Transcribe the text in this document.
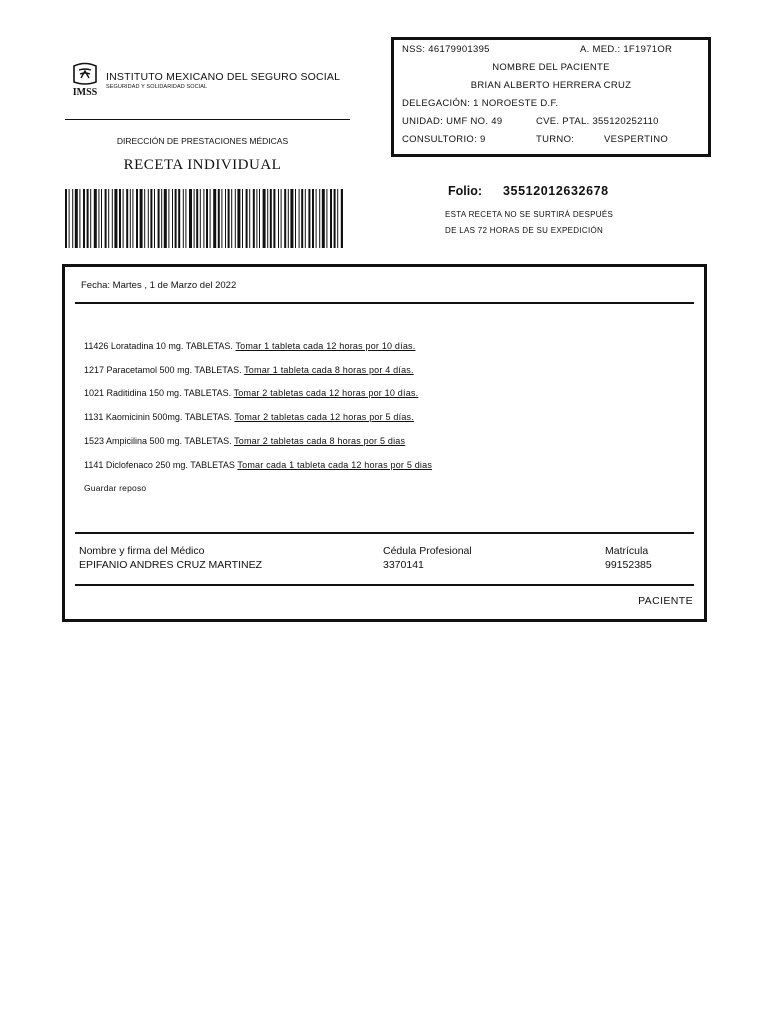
IMSS
INSTITUTO MEXICANO DEL SEGURO SOCIAL
SEGURIDAD Y SOLIDARIDAD SOCIAL
DIRECCIÓN DE PRESTACIONES MÉDICAS
RECETA INDIVIDUAL
NSS: 46179901395	A. MED.: 1F1971OR
NOMBRE DEL PACIENTE
BRIAN ALBERTO HERRERA CRUZ
DELEGACIÓN: 1 NOROESTE D.F.
UNIDAD: UMF NO. 49	CVE. PTAL. 355120252110
CONSULTORIO: 9	TURNO:	VESPERTINO
Folio: 35512012632678
ESTA RECETA NO SE SURTIRÁ DESPUÉS
DE LAS 72 HORAS DE SU EXPEDICIÓN
Fecha: Martes , 1 de Marzo del 2022
11426 Loratadina 10 mg. TABLETAS. Tomar 1 tableta cada 12 horas por 10 días.
1217 Paracetamol 500 mg. TABLETAS. Tomar 1 tableta cada 8 horas por 4 días.
1021 Raditidina 150 mg. TABLETAS. Tomar 2 tabletas cada 12 horas por 10 días.
1131 Kaomicinin 500mg. TABLETAS. Tomar 2 tabletas cada 12 horas por 5 días.
1523 Ampicilina 500 mg. TABLETAS. Tomar 2 tabletas cada 8 horas por 5 dias
1141 Diclofenaco 250 mg. TABLETAS Tomar cada 1 tableta cada 12 horas por 5 dias
Guardar reposo
Nombre y firma del Médico
EPIFANIO ANDRES CRUZ MARTINEZ
Cédula Profesional
3370141
Matrícula
99152385
PACIENTE
